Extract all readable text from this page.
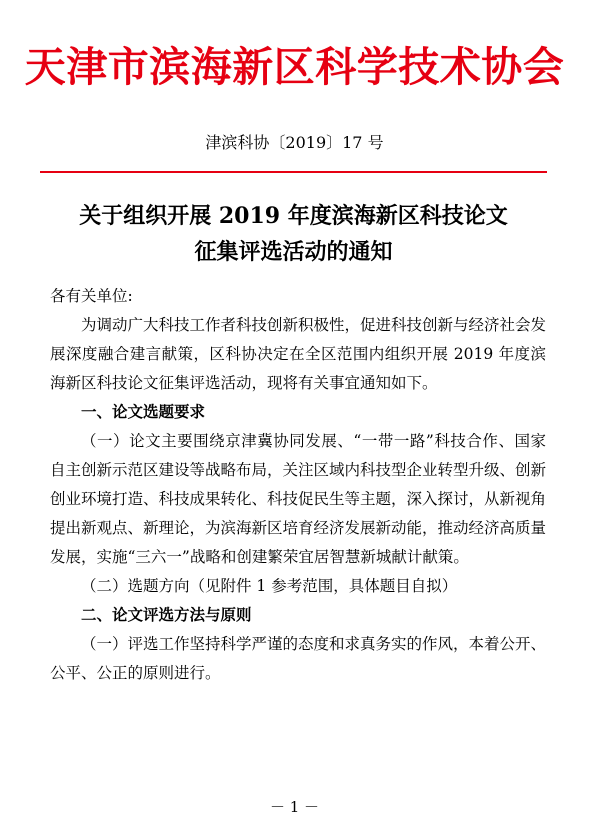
天津市滨海新区科学技术协会
津滨科协〔2019〕17 号
关于组织开展 2019 年度滨海新区科技论文
征集评选活动的通知

各有关单位:

为调动广大科技工作者科技创新积极性，促进科技创新与经济社会发展深度融合建言献策，区科协决定在全区范围内组织开展 2019 年度滨海新区科技论文征集评选活动，现将有关事宜通知如下。

一、论文选题要求

（一）论文主要围绕京津冀协同发展、“一带一路”科技合作、国家自主创新示范区建设等战略布局，关注区域内科技型企业转型升级、创新创业环境打造、科技成果转化、科技促民生等主题，深入探讨，从新视角提出新观点、新理论，为滨海新区培育经济发展新动能，推动经济高质量发展，实施“三六一”战略和创建繁荣宜居智慧新城献计献策。

（二）选题方向（见附件 1 参考范围，具体题目自拟）

二、论文评选方法与原则

（一）评选工作坚持科学严谨的态度和求真务实的作风，本着公开、公平、公正的原则进行。

－ 1 －
